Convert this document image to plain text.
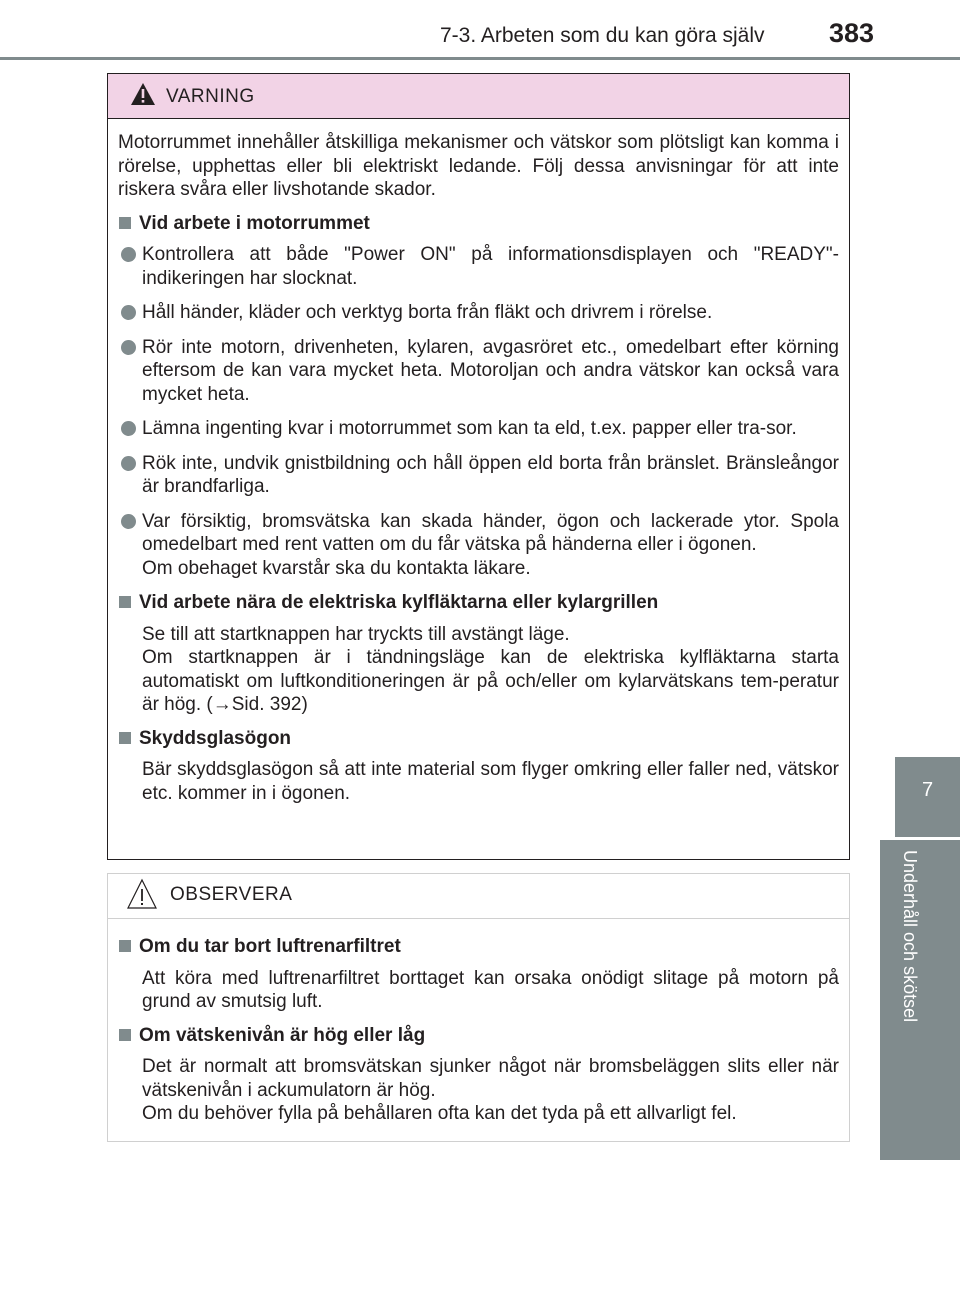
7-3. Arbeten som du kan göra själv 383
7
Underhåll och skötsel
VARNING
Motorrummet innehåller åtskilliga mekanismer och vätskor som plötsligt kan komma i rörelse, upphettas eller bli elektriskt ledande. Följ dessa anvisningar för att inte riskera svåra eller livshotande skador.
Vid arbete i motorrummet
Kontrollera att både "Power ON" på informationsdisplayen och "READY"-indikeringen har slocknat.
Håll händer, kläder och verktyg borta från fläkt och drivrem i rörelse.
Rör inte motorn, drivenheten, kylaren, avgasröret etc., omedelbart efter körning eftersom de kan vara mycket heta. Motoroljan och andra vätskor kan också vara mycket heta.
Lämna ingenting kvar i motorrummet som kan ta eld, t.ex. papper eller tra-sor.
Rök inte, undvik gnistbildning och håll öppen eld borta från bränslet. Bränsleångor är brandfarliga.
Var försiktig, bromsvätska kan skada händer, ögon och lackerade ytor. Spola omedelbart med rent vatten om du får vätska på händerna eller i ögonen.
Om obehaget kvarstår ska du kontakta läkare.
Vid arbete nära de elektriska kylfläktarna eller kylargrillen
Se till att startknappen har tryckts till avstängt läge.
Om startknappen är i tändningsläge kan de elektriska kylfläktarna starta automatiskt om luftkonditioneringen är på och/eller om kylarvätskans tem-peratur är hög. (→Sid. 392)
Skyddsglasögon
Bär skyddsglasögon så att inte material som flyger omkring eller faller ned, vätskor etc. kommer in i ögonen.
OBSERVERA
Om du tar bort luftrenarfiltret
Att köra med luftrenarfiltret borttaget kan orsaka onödigt slitage på motorn på grund av smutsig luft.
Om vätskenivån är hög eller låg
Det är normalt att bromsvätskan sjunker något när bromsbeläggen slits eller när vätskenivån i ackumulatorn är hög.
Om du behöver fylla på behållaren ofta kan det tyda på ett allvarligt fel.
